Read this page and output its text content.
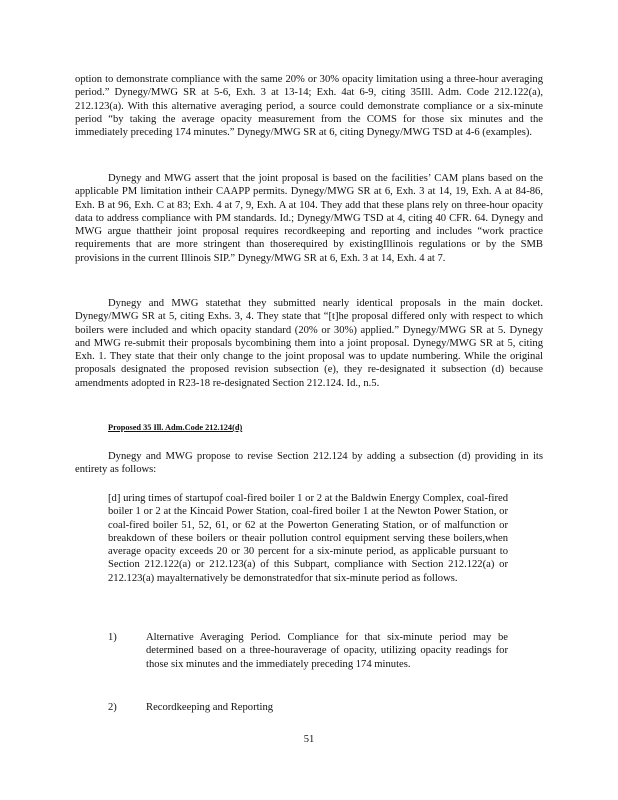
option to demonstrate compliance with the same 20% or 30% opacity limitation using a three-hour averaging period.” Dynegy/MWG SR at 5-6, Exh. 3 at 13-14; Exh. 4at 6-9, citing 35Ill. Adm. Code 212.122(a), 212.123(a). With this alternative averaging period, a source could demonstrate compliance or a six-minute period “by taking the average opacity measurement from the COMS for those six minutes and the immediately preceding 174 minutes.” Dynegy/MWG SR at 6, citing Dynegy/MWG TSD at 4-6 (examples).
Dynegy and MWG assert that the joint proposal is based on the facilities’ CAM plans based on the applicable PM limitation intheir CAAPP permits. Dynegy/MWG SR at 6, Exh. 3 at 14, 19, Exh. A at 84-86, Exh. B at 96, Exh. C at 83; Exh. 4 at 7, 9, Exh. A at 104. They add that these plans rely on three-hour opacity data to address compliance with PM standards. Id.; Dynegy/MWG TSD at 4, citing 40 CFR. 64. Dynegy and MWG argue thattheir joint proposal requires recordkeeping and reporting and includes “work practice requirements that are more stringent than thoserequired by existingIllinois regulations or by the SMB provisions in the current Illinois SIP.” Dynegy/MWG SR at 6, Exh. 3 at 14, Exh. 4 at 7.
Dynegy and MWG statethat they submitted nearly identical proposals in the main docket. Dynegy/MWG SR at 5, citing Exhs. 3, 4. They state that “[t]he proposal differed only with respect to which boilers were included and which opacity standard (20% or 30%) applied.” Dynegy/MWG SR at 5. Dynegy and MWG re-submit their proposals bycombining them into a joint proposal. Dynegy/MWG SR at 5, citing Exh. 1. They state that their only change to the joint proposal was to update numbering. While the original proposals designated the proposed revision subsection (e), they re-designated it subsection (d) because amendments adopted in R23-18 re-designated Section 212.124. Id., n.5.
Proposed 35 Ill. Adm.Code 212.124(d)
Dynegy and MWG propose to revise Section 212.124 by adding a subsection (d) providing in its entirety as follows:
[d] uring times of startupof coal-fired boiler 1 or 2 at the Baldwin Energy Complex, coal-fired boiler 1 or 2 at the Kincaid Power Station, coal-fired boiler 1 at the Newton Power Station, or coal-fired boiler 51, 52, 61, or 62 at the Powerton Generating Station, or of malfunction or breakdown of these boilers or theair pollution control equipment serving these boilers,when average opacity exceeds 20 or 30 percent for a six-minute period, as applicable pursuant to Section 212.122(a) or 212.123(a) of this Subpart, compliance with Section 212.122(a) or 212.123(a) mayalternatively be demonstratedfor that six-minute period as follows.
1)	Alternative Averaging Period. Compliance for that six-minute period may be determined based on a three-houraverage of opacity, utilizing opacity readings for those six minutes and the immediately preceding 174 minutes.
2)	Recordkeeping and Reporting
51
